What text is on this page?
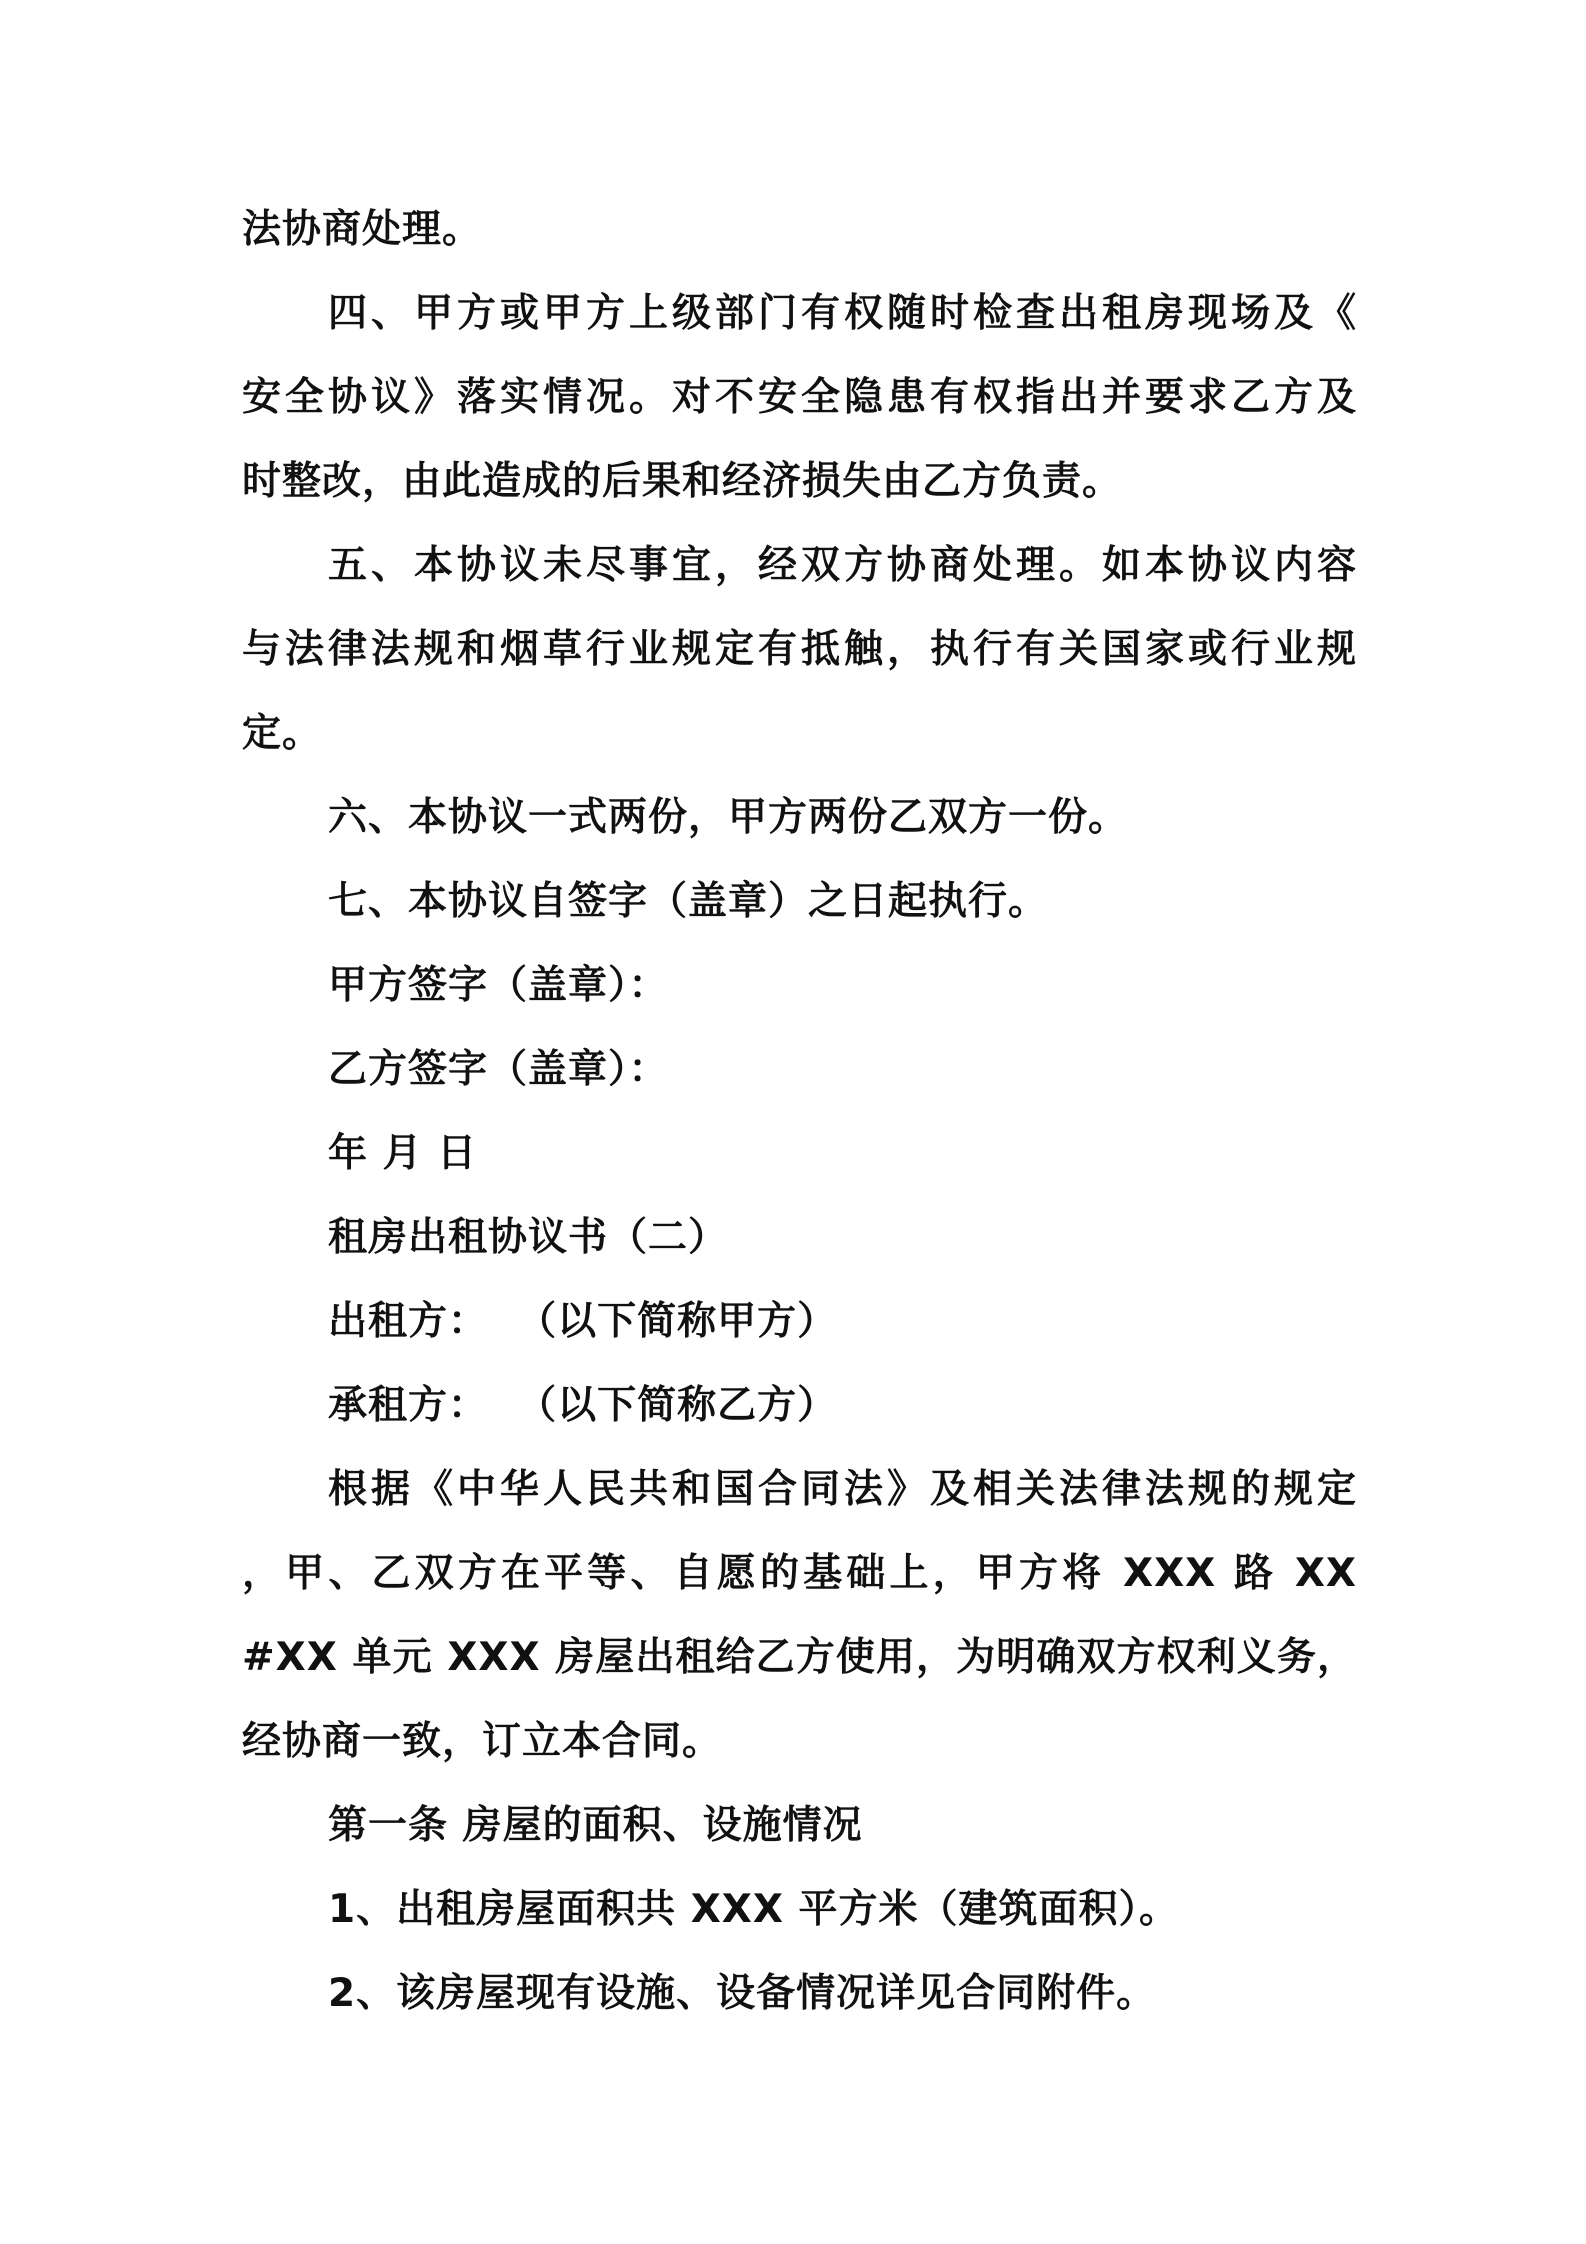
法协商处理。
四、甲方或甲方上级部门有权随时检查出租房现场及《
安全协议》落实情况。对不安全隐患有权指出并要求乙方及
时整改，由此造成的后果和经济损失由乙方负责。
五、本协议未尽事宜，经双方协商处理。如本协议内容
与法律法规和烟草行业规定有抵触，执行有关国家或行业规
定。
六、本协议一式两份，甲方两份乙双方一份。
七、本协议自签字（盖章）之日起执行。
甲方签字（盖章）：
乙方签字（盖章）：
年 月 日
租房出租协议书（二）
出租方：  （以下简称甲方）
承租方：  （以下简称乙方）
根据《中华人民共和国合同法》及相关法律法规的规定
，甲、乙双方在平等、自愿的基础上，甲方将 XXX 路 XX
#XX 单元 XXX 房屋出租给乙方使用，为明确双方权利义务，
经协商一致，订立本合同。
第一条 房屋的面积、设施情况
1、出租房屋面积共 XXX 平方米（建筑面积）。
2、该房屋现有设施、设备情况详见合同附件。
